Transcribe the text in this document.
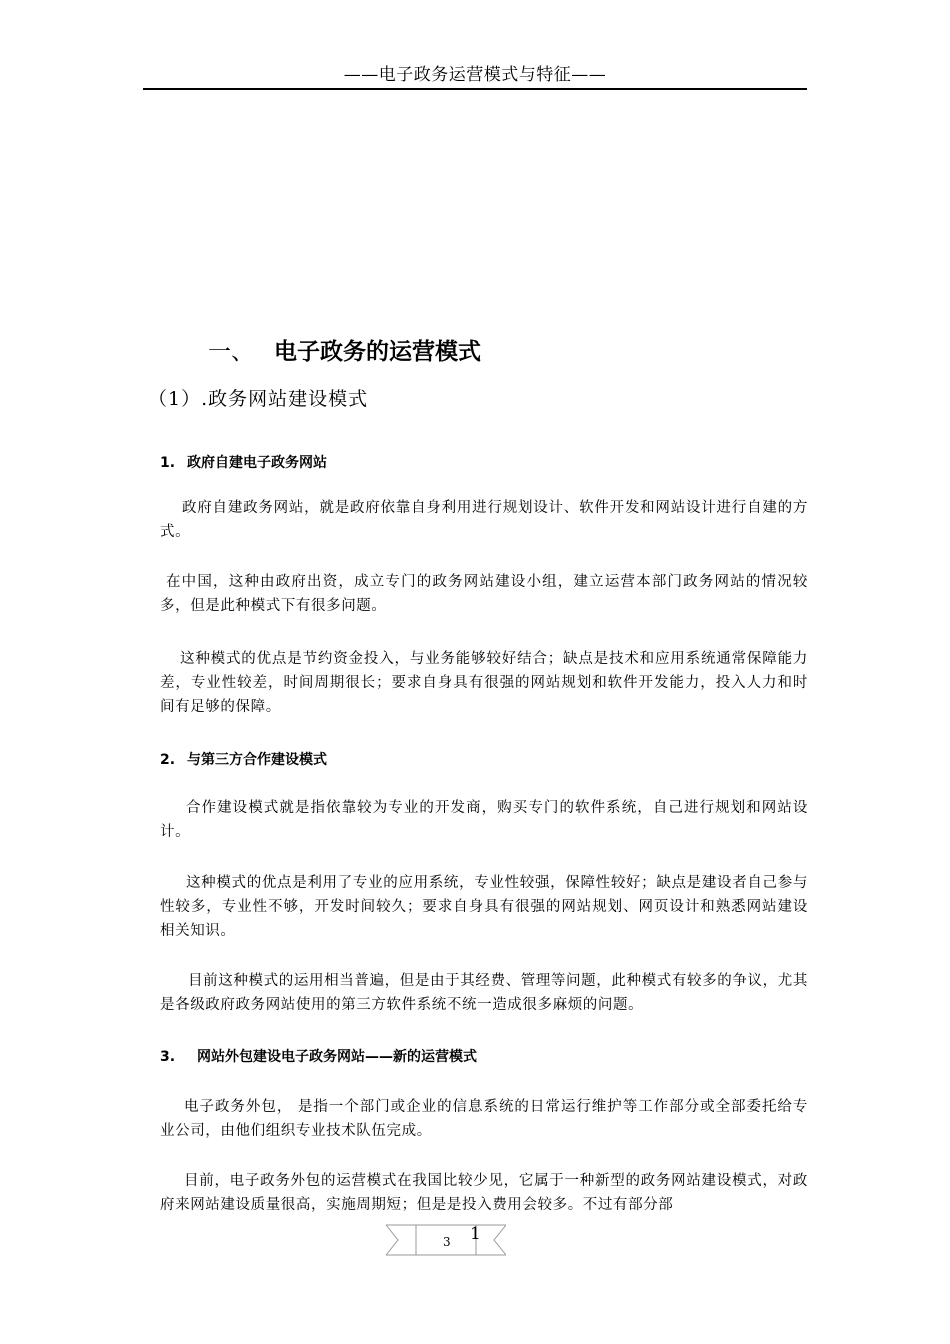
——电子政务运营模式与特征——
一、 电子政务的运营模式
（1）.政务网站建设模式
1. 政府自建电子政务网站
政府自建政务网站，就是政府依靠自身利用进行规划设计、软件开发和网站设计进行自建的方式。
在中国，这种由政府出资，成立专门的政务网站建设小组，建立运营本部门政务网站的情况较多，但是此种模式下有很多问题。
这种模式的优点是节约资金投入，与业务能够较好结合；缺点是技术和应用系统通常保障能力差，专业性较差，时间周期很长；要求自身具有很强的网站规划和软件开发能力，投入人力和时间有足够的保障。
2. 与第三方合作建设模式
合作建设模式就是指依靠较为专业的开发商，购买专门的软件系统，自己进行规划和网站设计。
这种模式的优点是利用了专业的应用系统，专业性较强，保障性较好；缺点是建设者自己参与性较多，专业性不够，开发时间较久；要求自身具有很强的网站规划、网页设计和熟悉网站建设相关知识。
目前这种模式的运用相当普遍，但是由于其经费、管理等问题，此种模式有较多的争议，尤其是各级政府政务网站使用的第三方软件系统不统一造成很多麻烦的问题。
3. 网站外包建设电子政务网站——新的运营模式
电子政务外包， 是指一个部门或企业的信息系统的日常运行维护等工作部分或全部委托给专业公司，由他们组织专业技术队伍完成。
目前，电子政务外包的运营模式在我国比较少见，它属于一种新型的政务网站建设模式，对政府来网站建设质量很高，实施周期短；但是是投入费用会较多。不过有部分部
3 1
